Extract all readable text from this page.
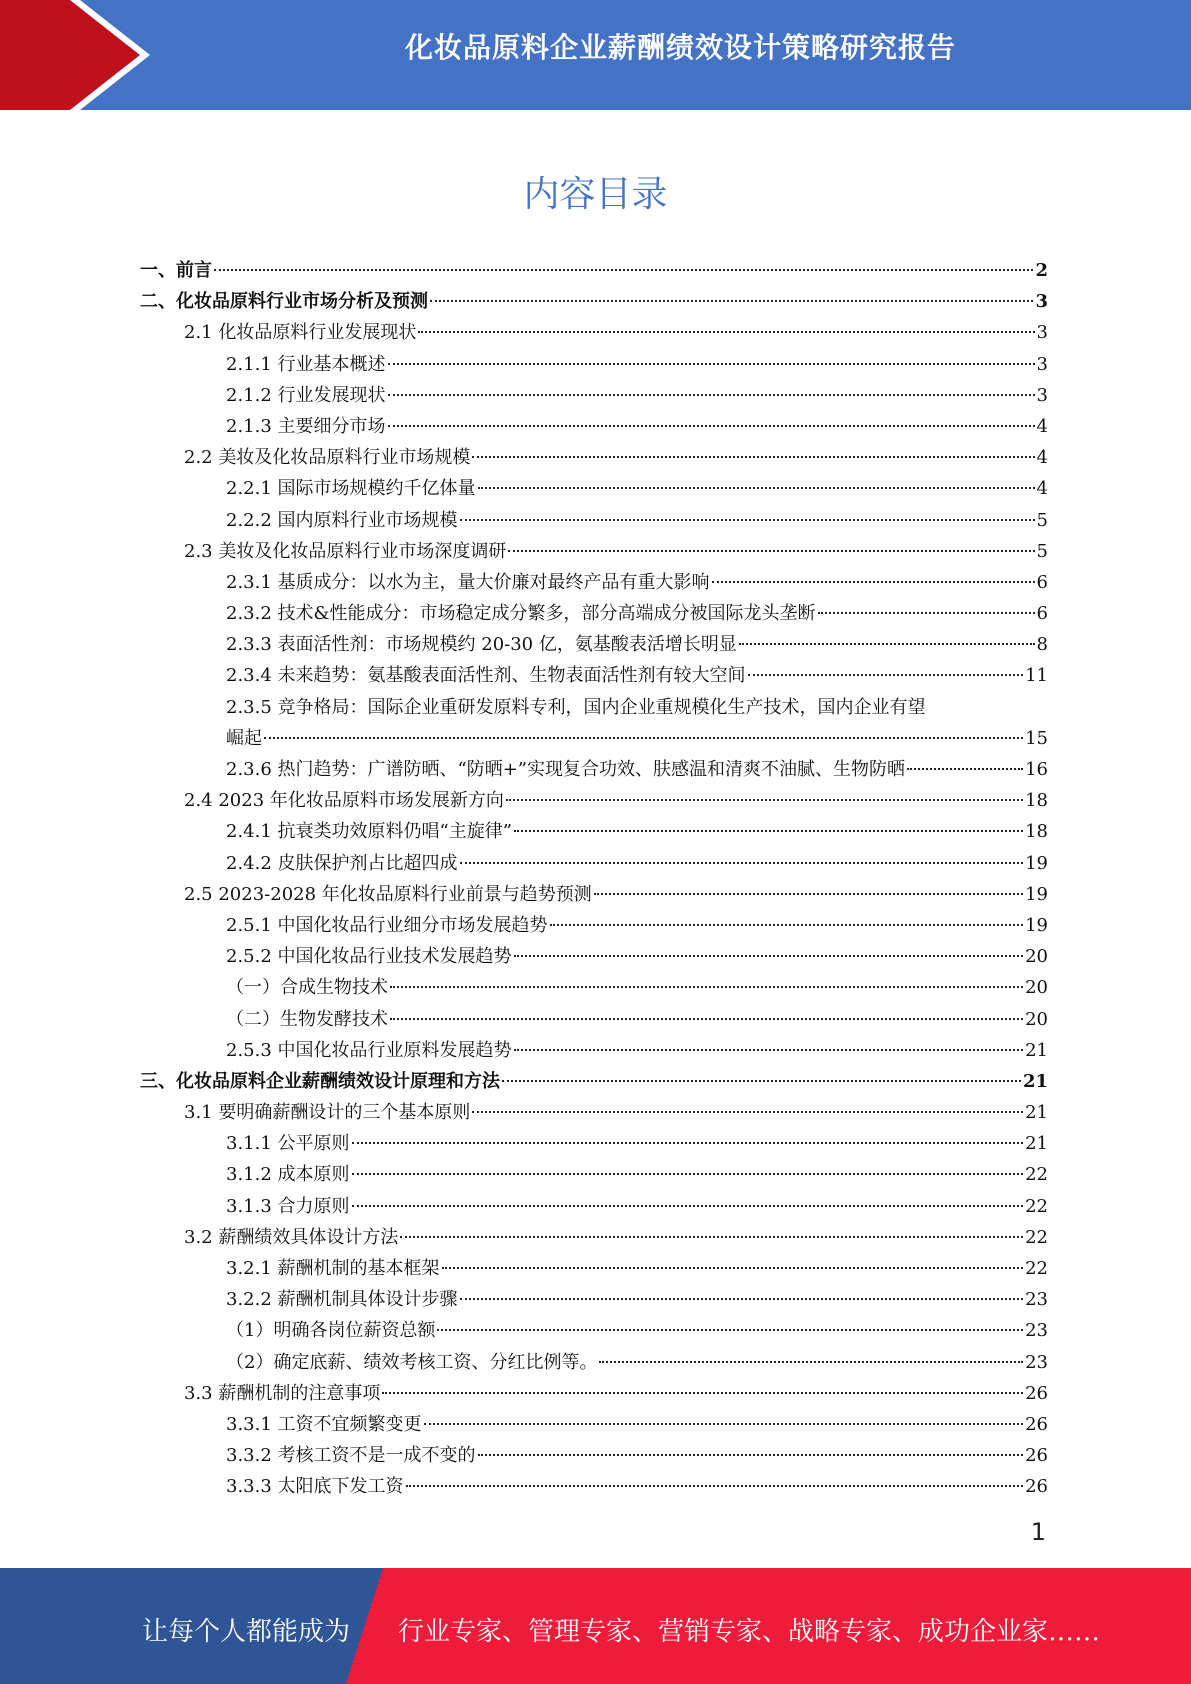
化妆品原料企业薪酬绩效设计策略研究报告
内容目录
一、前言	2
二、化妆品原料行业市场分析及预测	3
2.1 化妆品原料行业发展现状	3
2.1.1 行业基本概述	3
2.1.2 行业发展现状	3
2.1.3 主要细分市场	4
2.2 美妆及化妆品原料行业市场规模	4
2.2.1 国际市场规模约千亿体量	4
2.2.2 国内原料行业市场规模	5
2.3 美妆及化妆品原料行业市场深度调研	5
2.3.1 基质成分：以水为主，量大价廉对最终产品有重大影响	6
2.3.2 技术&性能成分：市场稳定成分繁多，部分高端成分被国际龙头垄断	6
2.3.3 表面活性剂：市场规模约 20-30 亿，氨基酸表活增长明显	8
2.3.4 未来趋势：氨基酸表面活性剂、生物表面活性剂有较大空间	11
2.3.5 竞争格局：国际企业重研发原料专利，国内企业重规模化生产技术，国内企业有望
崛起	15
2.3.6 热门趋势：广谱防晒、“防晒+”实现复合功效、肤感温和清爽不油腻、生物防晒	16
2.4 2023 年化妆品原料市场发展新方向	18
2.4.1 抗衰类功效原料仍唱“主旋律”	18
2.4.2 皮肤保护剂占比超四成	19
2.5 2023-2028 年化妆品原料行业前景与趋势预测	19
2.5.1 中国化妆品行业细分市场发展趋势	19
2.5.2 中国化妆品行业技术发展趋势	20
（一）合成生物技术	20
（二）生物发酵技术	20
2.5.3 中国化妆品行业原料发展趋势	21
三、化妆品原料企业薪酬绩效设计原理和方法	21
3.1 要明确薪酬设计的三个基本原则	21
3.1.1 公平原则	21
3.1.2 成本原则	22
3.1.3 合力原则	22
3.2 薪酬绩效具体设计方法	22
3.2.1 薪酬机制的基本框架	22
3.2.2 薪酬机制具体设计步骤	23
（1）明确各岗位薪资总额	23
（2）确定底薪、绩效考核工资、分红比例等。	23
3.3 薪酬机制的注意事项	26
3.3.1 工资不宜频繁变更	26
3.3.2 考核工资不是一成不变的	26
3.3.3 太阳底下发工资	26
1
让每个人都能成为 行业专家、管理专家、营销专家、战略专家、成功企业家……
